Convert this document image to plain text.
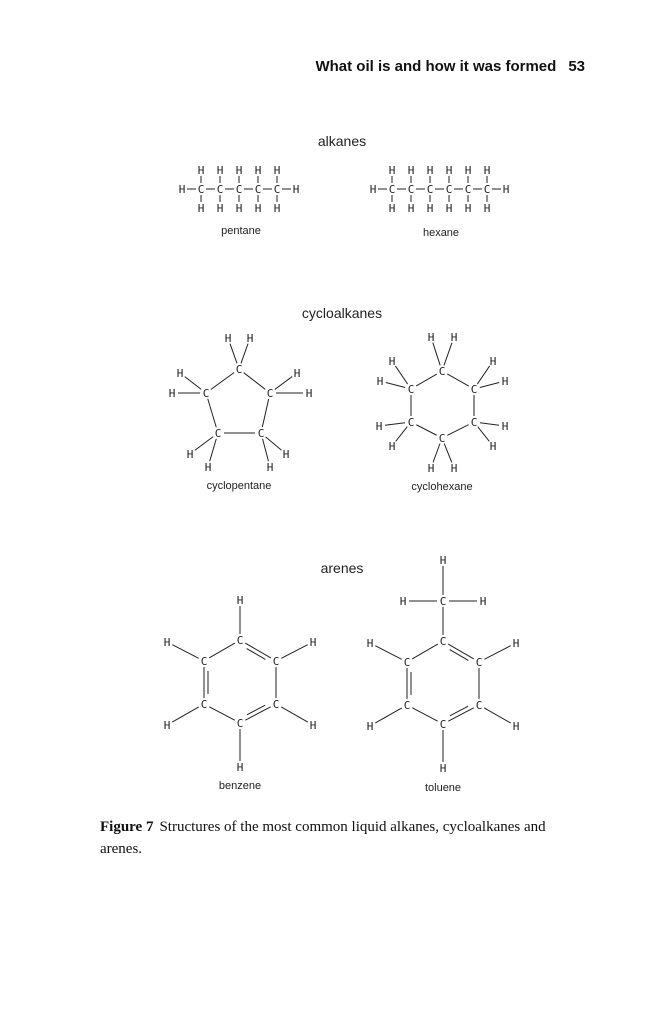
What oil is and how it was formed 53
alkanes
cycloalkanes
arenes
H C
H
H
C
H
H
C
H
H
C
H
H
C
H
H
H	H C
H
H
C
H
H
C
H
H
C
H
H
C
H
H
C
H
H
H
C
C
C
C
C
H H
H
H
H
H
H
H
H
H
C
C
C
C
C
C
H H
H
H
H
H
H H
H
H
H
H
C
C
C
C
C
C
H
H
H
H
H
H
C
C
C
C
C
C
H
H
H
H
H
C
H
H	H
pentane	hexane
cyclopentane	cyclohexane
benzene	toluene
Figure 7 Structures of the most common liquid alkanes, cycloalkanes and arenes.
